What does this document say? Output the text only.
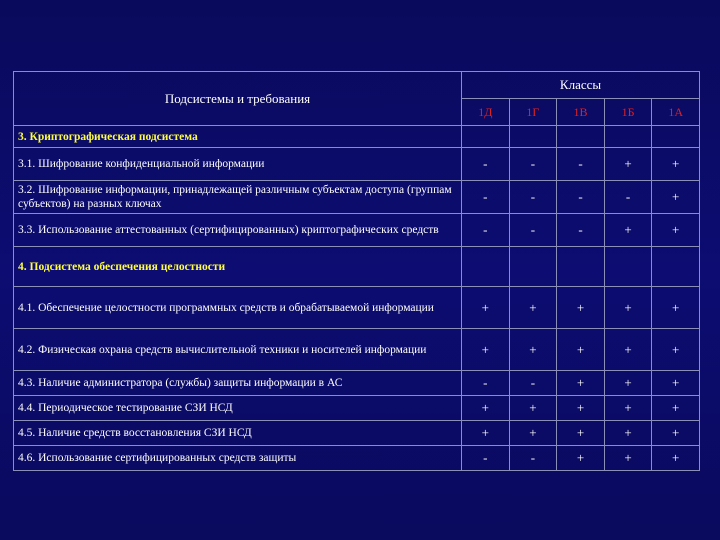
Подсистемы и требования	Классы				
	1Д	1Г	1В	1Б	1А
3. Криптографическая подсистема					
3.1. Шифрование конфиденциальной информации	-	-	-	+	+
3.2. Шифрование информации, принадлежащей различным субъектам доступа (группам субъектов) на разных ключах	-	-	-	-	+
3.3. Использование аттестованных (сертифицированных) криптографических средств	-	-	-	+	+
4. Подсистема обеспечения целостности					
4.1. Обеспечение целостности программных средств и обрабатываемой информации	+	+	+	+	+
4.2. Физическая охрана средств вычислительной техники и носителей информации	+	+	+	+	+
4.3. Наличие администратора (службы) защиты информации в АС	-	-	+	+	+
4.4. Периодическое тестирование СЗИ НСД	+	+	+	+	+
4.5. Наличие средств восстановления СЗИ НСД	+	+	+	+	+
4.6. Использование сертифицированных средств защиты	-	-	+	+	+
